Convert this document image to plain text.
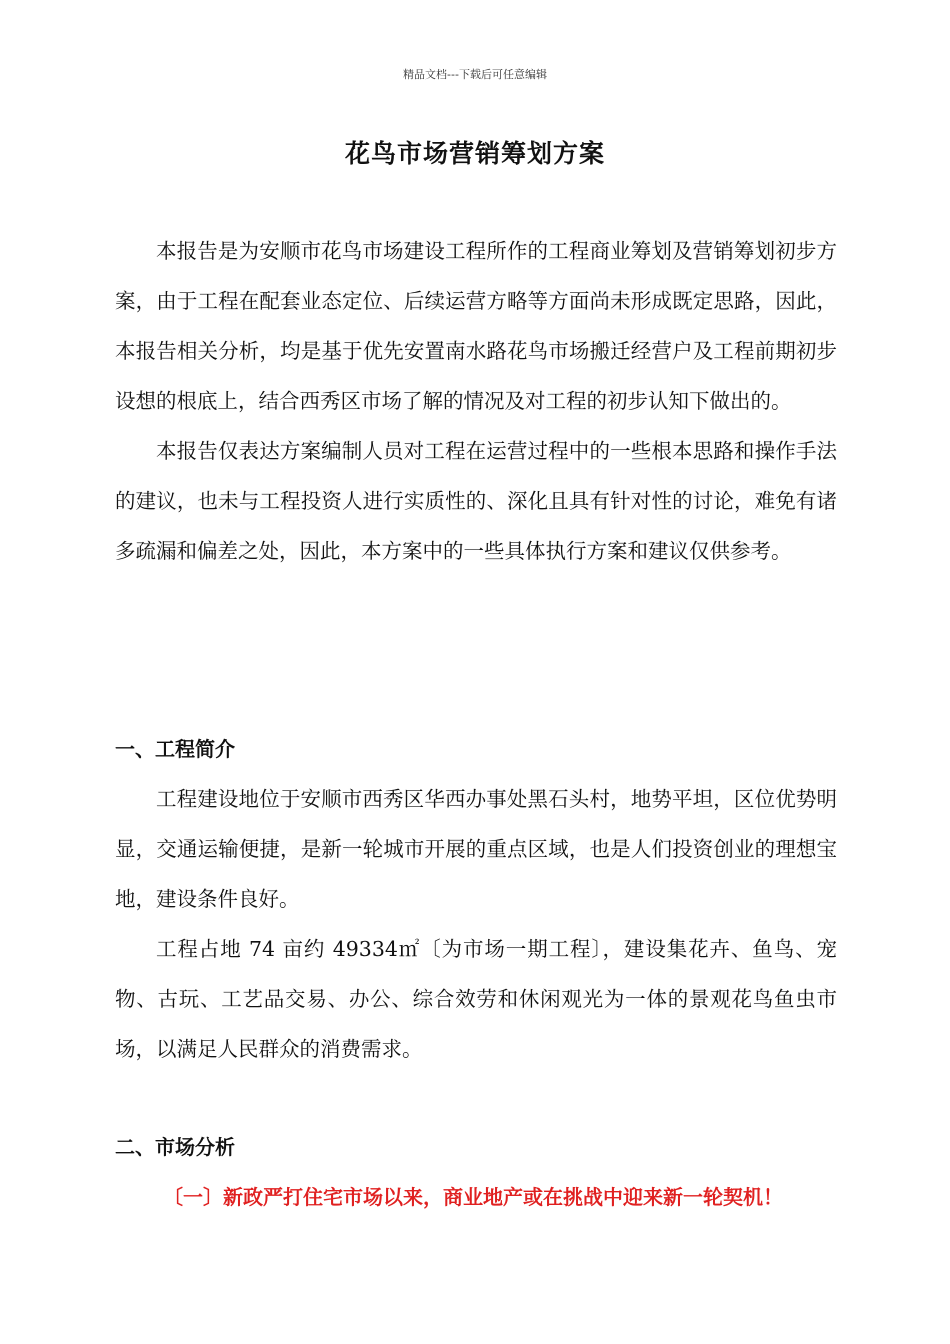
精品文档---下载后可任意编辑
花鸟市场营销筹划方案

本报告是为安顺市花鸟市场建设工程所作的工程商业筹划及营销筹划初步方案，由于工程在配套业态定位、后续运营方略等方面尚未形成既定思路，因此，本报告相关分析，均是基于优先安置南水路花鸟市场搬迁经营户及工程前期初步设想的根底上，结合西秀区市场了解的情况及对工程的初步认知下做出的。

本报告仅表达方案编制人员对工程在运营过程中的一些根本思路和操作手法的建议，也未与工程投资人进行实质性的、深化且具有针对性的讨论，难免有诸多疏漏和偏差之处，因此，本方案中的一些具体执行方案和建议仅供参考。

一、工程简介

工程建设地位于安顺市西秀区华西办事处黑石头村，地势平坦，区位优势明显，交通运输便捷，是新一轮城市开展的重点区域，也是人们投资创业的理想宝地，建设条件良好。

工程占地 74 亩约 49334㎡〔为市场一期工程〕，建设集花卉、鱼鸟、宠物、古玩、工艺品交易、办公、综合效劳和休闲观光为一体的景观花鸟鱼虫市场，以满足人民群众的消费需求。

二、市场分析
〔一〕新政严打住宅市场以来，商业地产或在挑战中迎来新一轮契机！
